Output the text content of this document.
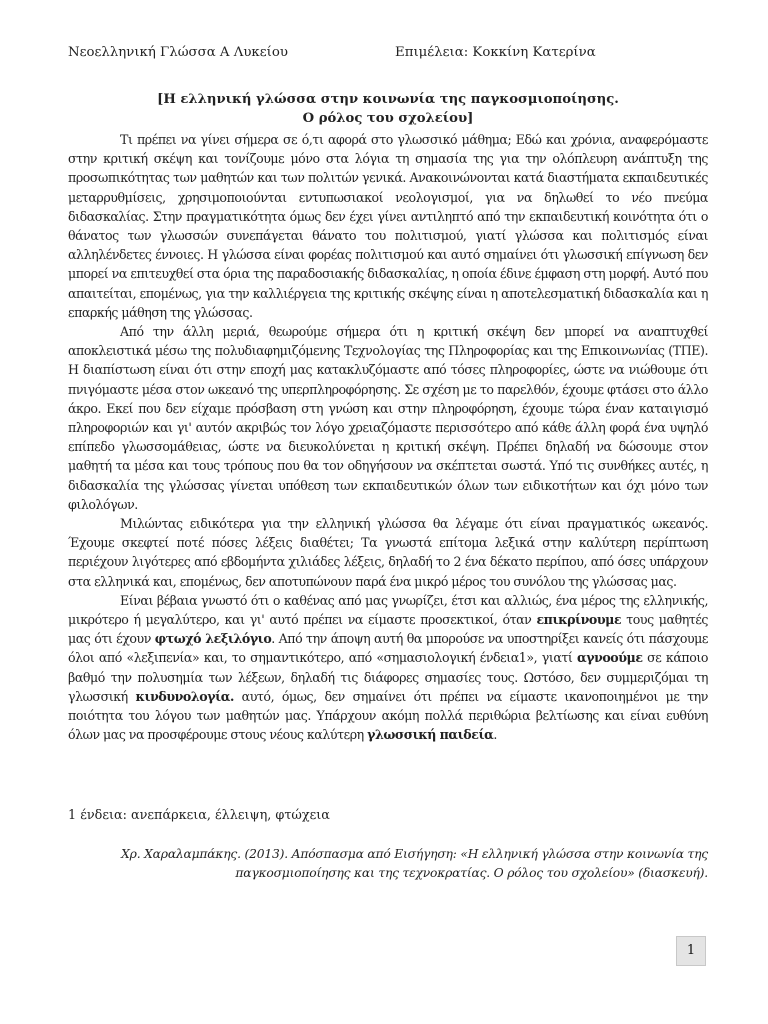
Νεοελληνική Γλώσσα Α Λυκείου	Επιμέλεια: Κοκκίνη Κατερίνα
[Η ελληνική γλώσσα στην κοινωνία της παγκοσμιοποίησης.
Ο ρόλος του σχολείου]

Τι πρέπει να γίνει σήμερα σε ό,τι αφορά στο γλωσσικό μάθημα; Εδώ και χρόνια, αναφερόμαστε στην κριτική σκέψη και τονίζουμε μόνο στα λόγια τη σημασία της για την ολόπλευρη ανάπτυξη της προσωπικότητας των μαθητών και των πολιτών γενικά. Ανακοινώνονται κατά διαστήματα εκπαιδευτικές μεταρρυθμίσεις, χρησιμοποιούνται εντυπωσιακοί νεολογισμοί, για να δηλωθεί το νέο πνεύμα διδασκαλίας. Στην πραγματικότητα όμως δεν έχει γίνει αντιληπτό από την εκπαιδευτική κοινότητα ότι ο θάνατος των γλωσσών συνεπάγεται θάνατο του πολιτισμού, γιατί γλώσσα και πολιτισμός είναι αλληλένδετες έννοιες. Η γλώσσα είναι φορέας πολιτισμού και αυτό σημαίνει ότι γλωσσική επίγνωση δεν μπορεί να επιτευχθεί στα όρια της παραδοσιακής διδασκαλίας, η οποία έδινε έμφαση στη μορφή. Αυτό που απαιτείται, επομένως, για την καλλιέργεια της κριτικής σκέψης είναι η αποτελεσματική διδασκαλία και η επαρκής μάθηση της γλώσσας.

Από την άλλη μεριά, θεωρούμε σήμερα ότι η κριτική σκέψη δεν μπορεί να αναπτυχθεί αποκλειστικά μέσω της πολυδιαφημιζόμενης Τεχνολογίας της Πληροφορίας και της Επικοινωνίας (ΤΠΕ). Η διαπίστωση είναι ότι στην εποχή μας κατακλυζόμαστε από τόσες πληροφορίες, ώστε να νιώθουμε ότι πνιγόμαστε μέσα στον ωκεανό της υπερπληροφόρησης. Σε σχέση με το παρελθόν, έχουμε φτάσει στο άλλο άκρο. Εκεί που δεν είχαμε πρόσβαση στη γνώση και στην πληροφόρηση, έχουμε τώρα έναν καταιγισμό πληροφοριών και γι' αυτόν ακριβώς τον λόγο χρειαζόμαστε περισσότερο από κάθε άλλη φορά ένα υψηλό επίπεδο γλωσσομάθειας, ώστε να διευκολύνεται η κριτική σκέψη. Πρέπει δηλαδή να δώσουμε στον μαθητή τα μέσα και τους τρόπους που θα τον οδηγήσουν να σκέπτεται σωστά. Υπό τις συνθήκες αυτές, η διδασκαλία της γλώσσας γίνεται υπόθεση των εκπαιδευτικών όλων των ειδικοτήτων και όχι μόνο των φιλολόγων.

Μιλώντας ειδικότερα για την ελληνική γλώσσα θα λέγαμε ότι είναι πραγματικός ωκεανός. Έχουμε σκεφτεί ποτέ πόσες λέξεις διαθέτει; Τα γνωστά επίτομα λεξικά στην καλύτερη περίπτωση περιέχουν λιγότερες από εβδομήντα χιλιάδες λέξεις, δηλαδή το 2 ένα δέκατο περίπου, από όσες υπάρχουν στα ελληνικά και, επομένως, δεν αποτυπώνουν παρά ένα μικρό μέρος του συνόλου της γλώσσας μας.

Είναι βέβαια γνωστό ότι ο καθένας από μας γνωρίζει, έτσι και αλλιώς, ένα μέρος της ελληνικής, μικρότερο ή μεγαλύτερο, και γι' αυτό πρέπει να είμαστε προσεκτικοί, όταν επικρίνουμε τους μαθητές μας ότι έχουν φτωχό λεξιλόγιο. Από την άποψη αυτή θα μπορούσε να υποστηρίξει κανείς ότι πάσχουμε όλοι από «λεξιπενία» και, το σημαντικότερο, από «σημασιολογική ένδεια1», γιατί αγνοούμε σε κάποιο βαθμό την πολυσημία των λέξεων, δηλαδή τις διάφορες σημασίες τους. Ωστόσο, δεν συμμεριζόμαι τη γλωσσική κινδυνολογία. αυτό, όμως, δεν σημαίνει ότι πρέπει να είμαστε ικανοποιημένοι με την ποιότητα του λόγου των μαθητών μας. Υπάρχουν ακόμη πολλά περιθώρια βελτίωσης και είναι ευθύνη όλων μας να προσφέρουμε στους νέους καλύτερη γλωσσική παιδεία.

1 ένδεια: ανεπάρκεια, έλλειψη, φτώχεια
Χρ. Χαραλαμπάκης. (2013). Απόσπασμα από Εισήγηση: «Η ελληνική γλώσσα στην κοινωνία της
παγκοσμιοποίησης και της τεχνοκρατίας. Ο ρόλος του σχολείου» (διασκευή).
1
